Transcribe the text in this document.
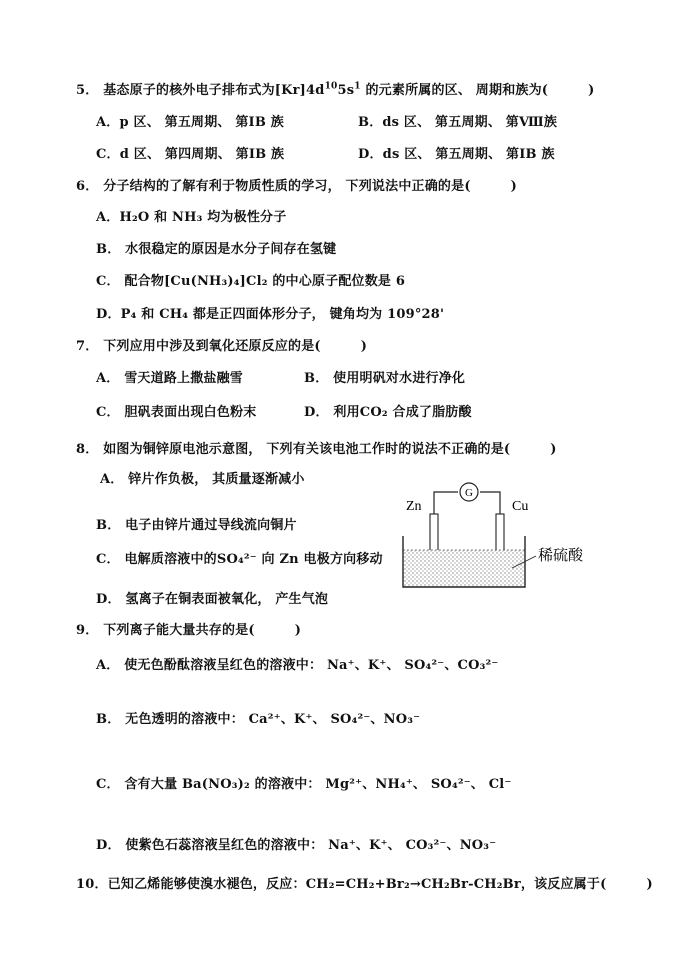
5． 基态原子的核外电子排布式为$[Kr]4d^{10}5s^1$ 的元素所属的区、 周期和族为(	)
A．p 区、 第五周期、 第ⅠB 族	B．ds 区、 第五周期、 第Ⅷ族
C．d 区、 第四周期、 第ⅠB 族	D．ds 区、 第五周期、 第ⅠB 族
6． 分子结构的了解有利于物质性质的学习， 下列说法中正确的是(	)
A．H₂O 和 NH₃ 均为极性分子
B． 水很稳定的原因是水分子间存在氢键
C． 配合物[Cu(NH₃)₄]Cl₂ 的中心原子配位数是 6
D．P₄ 和 CH₄ 都是正四面体形分子， 键角均为 109°28'
7． 下列应用中涉及到氧化还原反应的是(	)
A． 雪天道路上撒盐融雪	B． 使用明矾对水进行净化
C． 胆矾表面出现白色粉末	D． 利用CO₂ 合成了脂肪酸
8． 如图为铜锌原电池示意图， 下列有关该电池工作时的说法不正确的是(	)
A． 锌片作负极， 其质量逐渐减小
B． 电子由锌片通过导线流向铜片
C． 电解质溶液中的SO₄²⁻ 向 Zn 电极方向移动
D． 氢离子在铜表面被氧化， 产生气泡
G
Zn	Cu
稀硫酸
9． 下列离子能大量共存的是(	)
A． 使无色酚酞溶液呈红色的溶液中： Na⁺、K⁺、 SO₄²⁻、CO₃²⁻
B． 无色透明的溶液中： Ca²⁺、K⁺、 SO₄²⁻、NO₃⁻
C． 含有大量 Ba(NO₃)₂ 的溶液中： Mg²⁺、NH₄⁺、 SO₄²⁻、 Cl⁻
D． 使紫色石蕊溶液呈红色的溶液中： Na⁺、K⁺、 CO₃²⁻、NO₃⁻
10．已知乙烯能够使溴水褪色，反应：CH₂=CH₂+Br₂→CH₂Br-CH₂Br，该反应属于(	)
